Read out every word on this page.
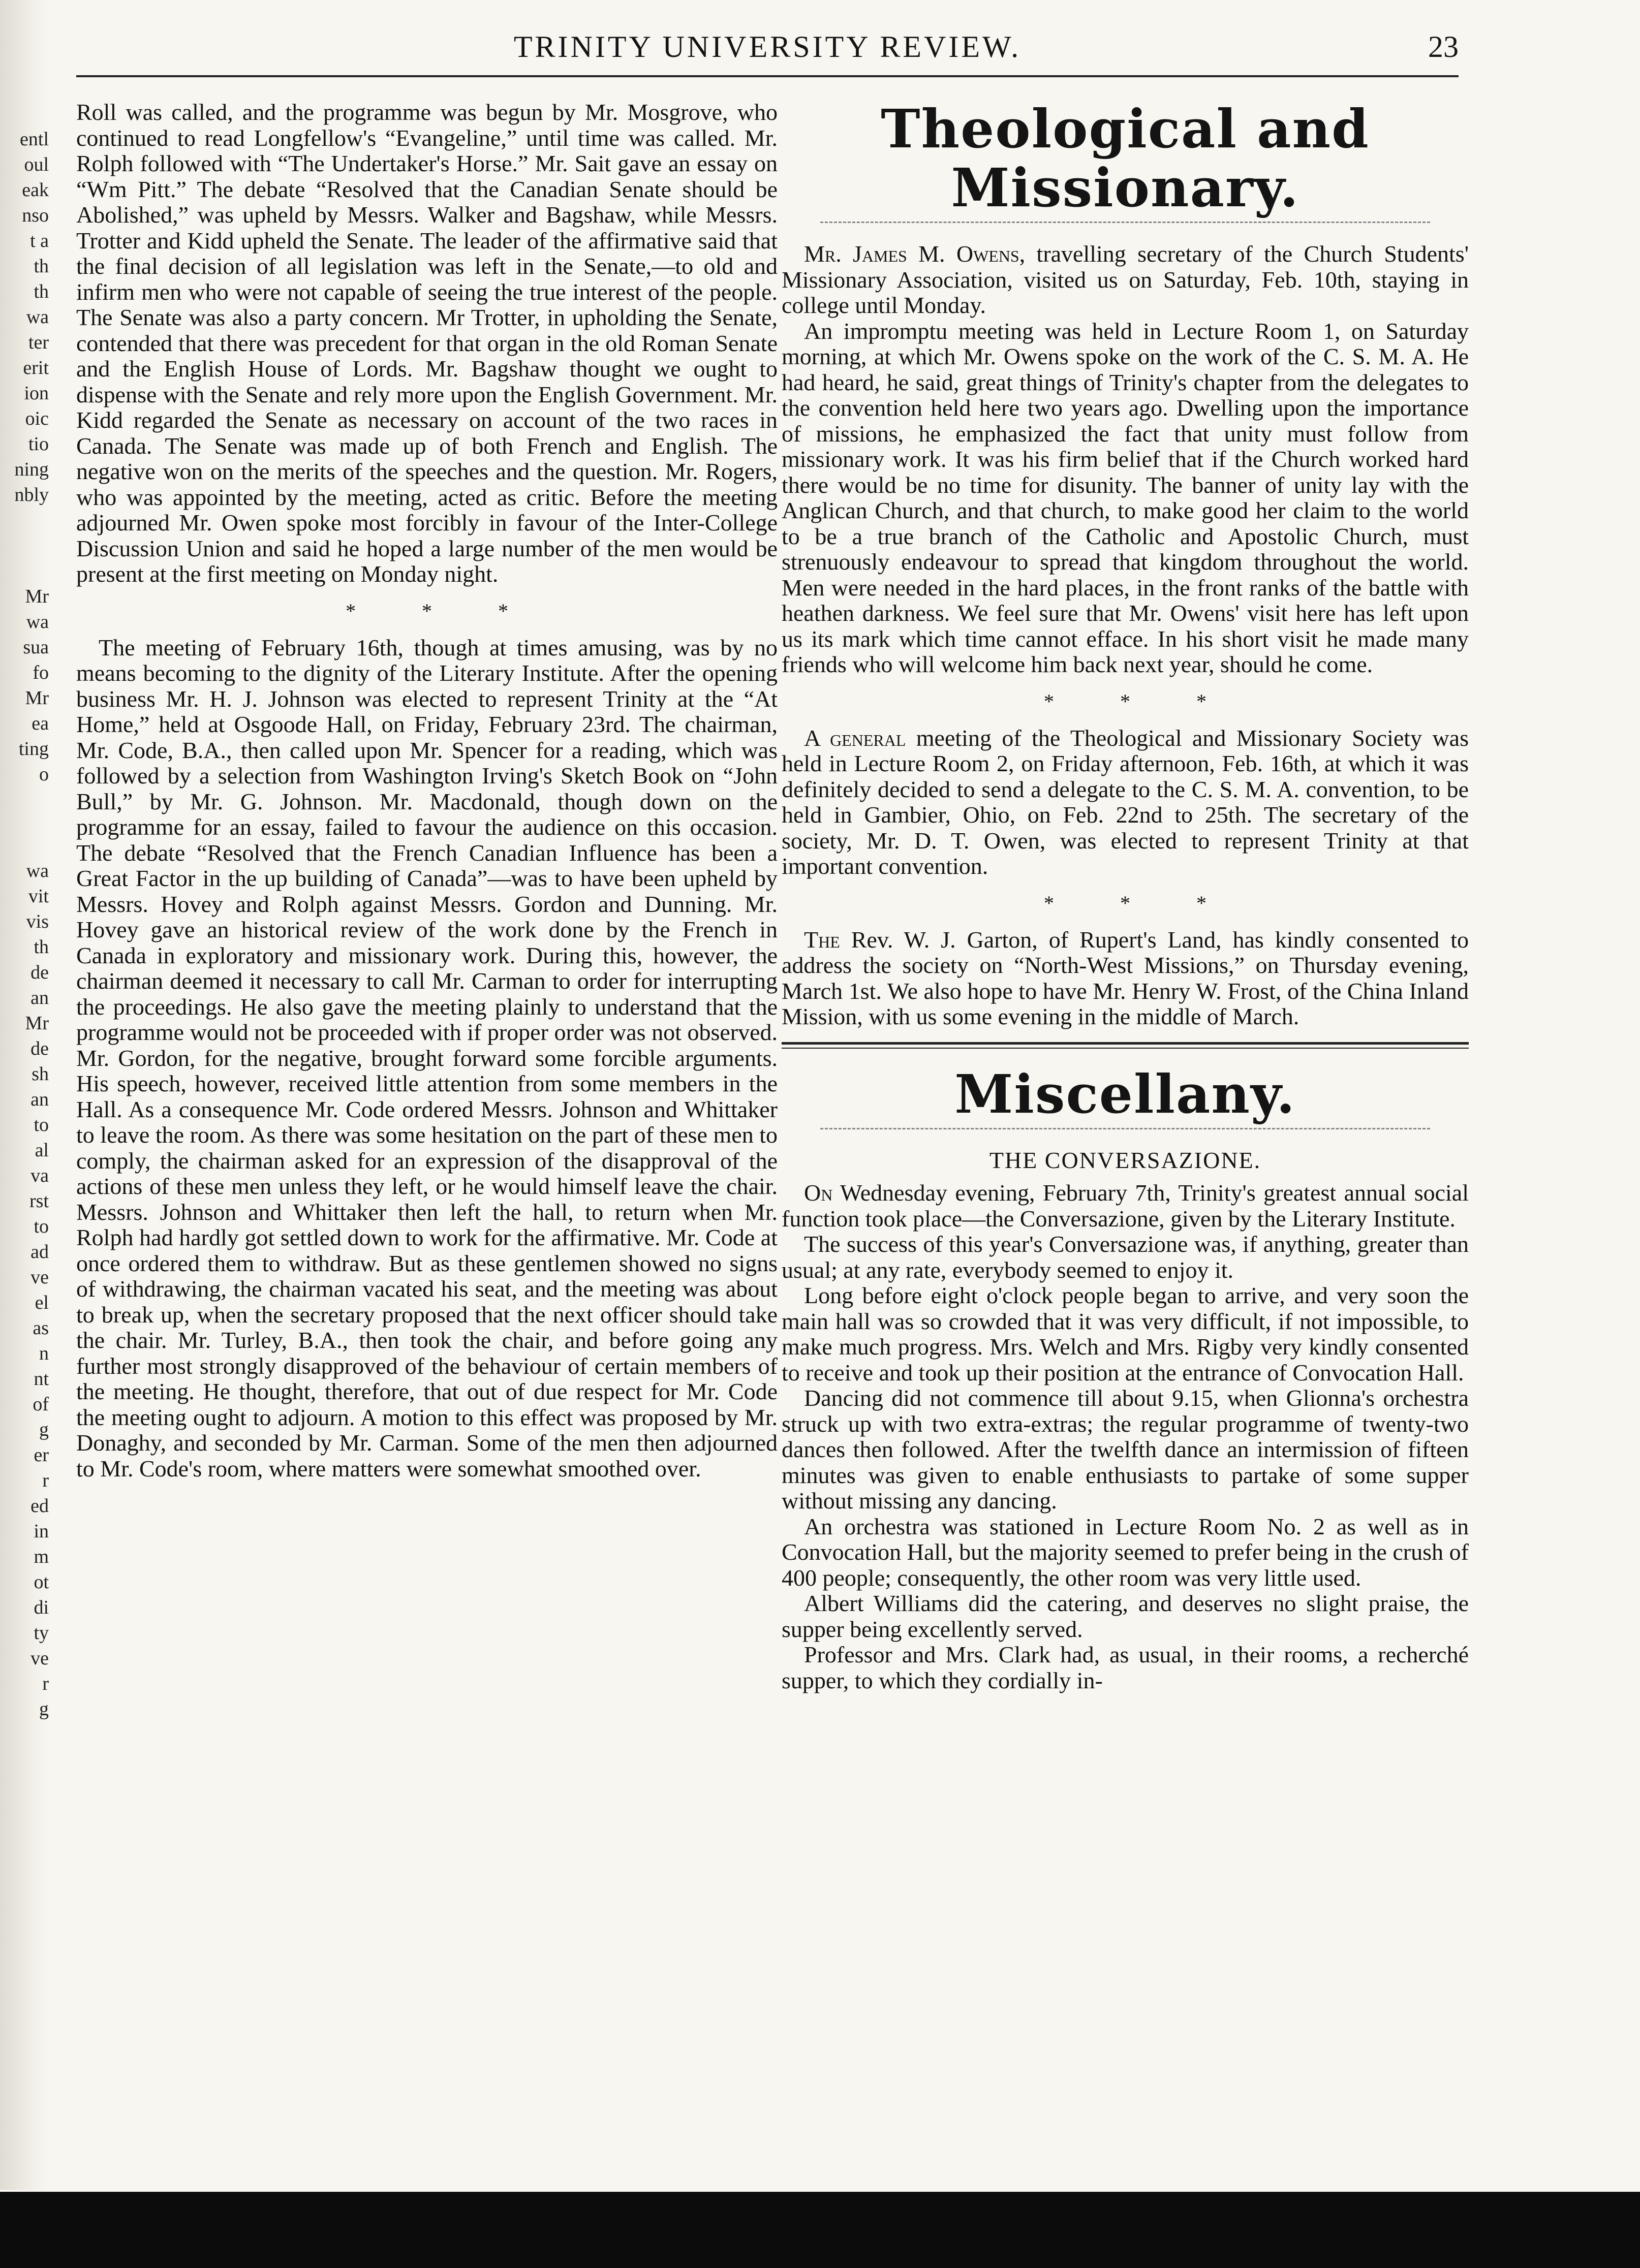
entl
oul
eak
nso
t a
th
th
wa
ter
erit
ion
oic
tio
ning
nbly
Mr
wa
sua
fo
Mr
ea
ting
o
wa
vit
vis
th
de
an
Mr
de
sh
an
to
al
va
rst
to
ad
ve
el
as
n
nt
of
g
er
r
ed
in
m
ot
di
ty
ve
r
g
TRINITY UNIVERSITY REVIEW.	23

Roll was called, and the programme was begun by Mr. Mosgrove, who continued to read Longfellow's “Evangeline,” until time was called. Mr. Rolph followed with “The Undertaker's Horse.” Mr. Sait gave an essay on “Wm Pitt.” The debate “Resolved that the Canadian Senate should be Abolished,” was upheld by Messrs. Walker and Bagshaw, while Messrs. Trotter and Kidd upheld the Senate. The leader of the affirmative said that the final decision of all legislation was left in the Senate,—to old and infirm men who were not capable of seeing the true interest of the people. The Senate was also a party concern. Mr Trotter, in upholding the Senate, contended that there was precedent for that organ in the old Roman Senate and the English House of Lords. Mr. Bagshaw thought we ought to dispense with the Senate and rely more upon the English Government. Mr. Kidd regarded the Senate as necessary on account of the two races in Canada. The Senate was made up of both French and English. The negative won on the merits of the speeches and the question. Mr. Rogers, who was appointed by the meeting, acted as critic. Before the meeting adjourned Mr. Owen spoke most forcibly in favour of the Inter-College Discussion Union and said he hoped a large number of the men would be present at the first meeting on Monday night.

* * *

The meeting of February 16th, though at times amusing, was by no means becoming to the dignity of the Literary Institute. After the opening business Mr. H. J. Johnson was elected to represent Trinity at the “At Home,” held at Osgoode Hall, on Friday, February 23rd. The chairman, Mr. Code, B.A., then called upon Mr. Spencer for a reading, which was followed by a selection from Washington Irving's Sketch Book on “John Bull,” by Mr. G. Johnson. Mr. Macdonald, though down on the programme for an essay, failed to favour the audience on this occasion. The debate “Resolved that the French Canadian Influence has been a Great Factor in the up building of Canada”—was to have been upheld by Messrs. Hovey and Rolph against Messrs. Gordon and Dunning. Mr. Hovey gave an historical review of the work done by the French in Canada in exploratory and missionary work. During this, however, the chairman deemed it necessary to call Mr. Carman to order for interrupting the proceedings. He also gave the meeting plainly to understand that the programme would not be proceeded with if proper order was not observed. Mr. Gordon, for the negative, brought forward some forcible arguments. His speech, however, received little attention from some members in the Hall. As a consequence Mr. Code ordered Messrs. Johnson and Whittaker to leave the room. As there was some hesitation on the part of these men to comply, the chairman asked for an expression of the disapproval of the actions of these men unless they left, or he would himself leave the chair. Messrs. Johnson and Whittaker then left the hall, to return when Mr. Rolph had hardly got settled down to work for the affirmative. Mr. Code at once ordered them to withdraw. But as these gentlemen showed no signs of withdrawing, the chairman vacated his seat, and the meeting was about to break up, when the secretary proposed that the next officer should take the chair. Mr. Turley, B.A., then took the chair, and before going any further most strongly disapproved of the behaviour of certain members of the meeting. He thought, therefore, that out of due respect for Mr. Code the meeting ought to adjourn. A motion to this effect was proposed by Mr. Donaghy, and seconded by Mr. Carman. Some of the men then adjourned to Mr. Code's room, where matters were somewhat smoothed over.

Theological and Missionary.

Mr. James M. Owens, travelling secretary of the Church Students' Missionary Association, visited us on Saturday, Feb. 10th, staying in college until Monday.

An impromptu meeting was held in Lecture Room 1, on Saturday morning, at which Mr. Owens spoke on the work of the C. S. M. A. He had heard, he said, great things of Trinity's chapter from the delegates to the convention held here two years ago. Dwelling upon the importance of missions, he emphasized the fact that unity must follow from missionary work. It was his firm belief that if the Church worked hard there would be no time for disunity. The banner of unity lay with the Anglican Church, and that church, to make good her claim to the world to be a true branch of the Catholic and Apostolic Church, must strenuously endeavour to spread that kingdom throughout the world. Men were needed in the hard places, in the front ranks of the battle with heathen darkness. We feel sure that Mr. Owens' visit here has left upon us its mark which time cannot efface. In his short visit he made many friends who will welcome him back next year, should he come.

* * *

A general meeting of the Theological and Missionary Society was held in Lecture Room 2, on Friday afternoon, Feb. 16th, at which it was definitely decided to send a delegate to the C. S. M. A. convention, to be held in Gambier, Ohio, on Feb. 22nd to 25th. The secretary of the society, Mr. D. T. Owen, was elected to represent Trinity at that important convention.

* * *

The Rev. W. J. Garton, of Rupert's Land, has kindly consented to address the society on “North-West Missions,” on Thursday evening, March 1st. We also hope to have Mr. Henry W. Frost, of the China Inland Mission, with us some evening in the middle of March.

Miscellany.
THE CONVERSAZIONE.

On Wednesday evening, February 7th, Trinity's greatest annual social function took place—the Conversazione, given by the Literary Institute.

The success of this year's Conversazione was, if anything, greater than usual; at any rate, everybody seemed to enjoy it.

Long before eight o'clock people began to arrive, and very soon the main hall was so crowded that it was very difficult, if not impossible, to make much progress. Mrs. Welch and Mrs. Rigby very kindly consented to receive and took up their position at the entrance of Convocation Hall.

Dancing did not commence till about 9.15, when Glionna's orchestra struck up with two extra-extras; the regular programme of twenty-two dances then followed. After the twelfth dance an intermission of fifteen minutes was given to enable enthusiasts to partake of some supper without missing any dancing.

An orchestra was stationed in Lecture Room No. 2 as well as in Convocation Hall, but the majority seemed to prefer being in the crush of 400 people; consequently, the other room was very little used.

Albert Williams did the catering, and deserves no slight praise, the supper being excellently served.

Professor and Mrs. Clark had, as usual, in their rooms, a recherché supper, to which they cordially in-
